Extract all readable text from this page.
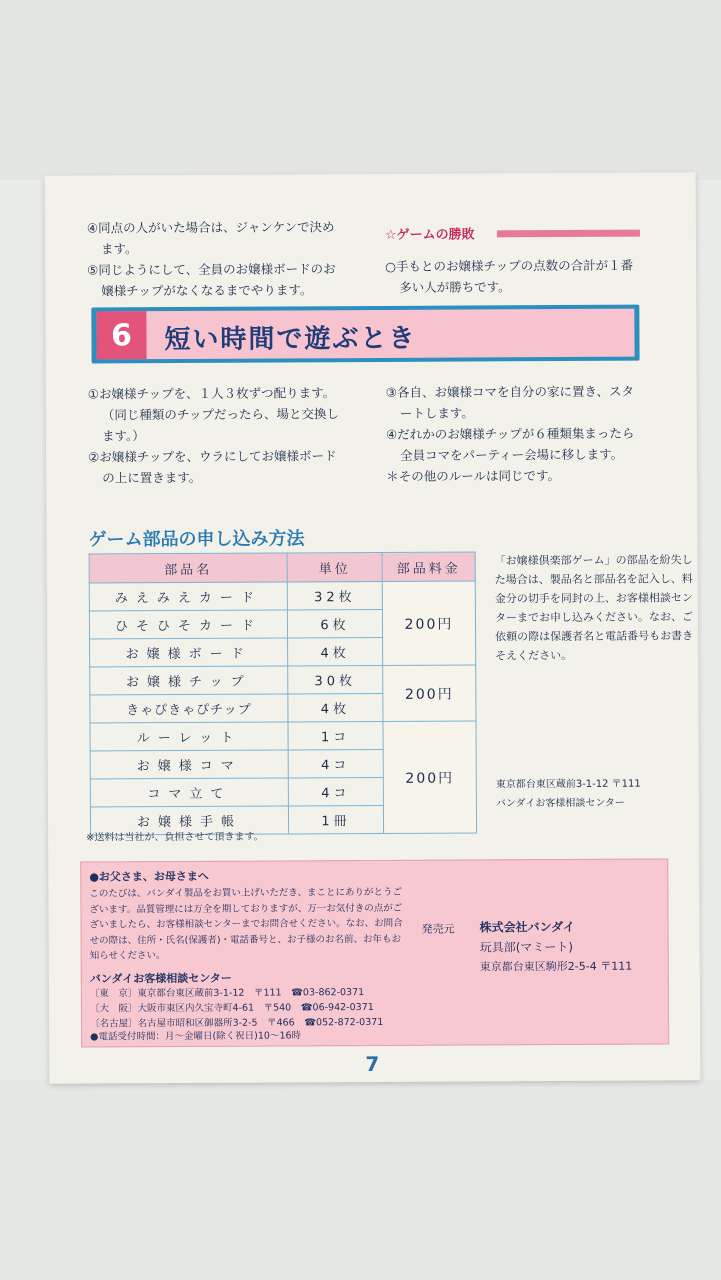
④同点の人がいた場合は、ジャンケンで決め
ます。
⑤同じようにして、全員のお嬢様ボードのお
嬢様チップがなくなるまでやります。
☆ゲームの勝敗
○手もとのお嬢様チップの点数の合計が１番
多い人が勝ちです。
6	短い時間で遊ぶとき
①お嬢様チップを、１人３枚ずつ配ります。
（同じ種類のチップだったら、場と交換し
ます。）
②お嬢様チップを、ウラにしてお嬢様ボード
の上に置きます。
③各自、お嬢様コマを自分の家に置き、スタ
ートします。
④だれかのお嬢様チップが６種類集まったら
全員コマをパーティー会場に移します。
＊その他のルールは同じです。
ゲーム部品の申し込み方法
部品名	単位	部品料金
みえみえカード	32枚	200円
ひそひそカード	6枚	
お嬢様ボード	4枚	
お嬢様チップ	30枚	200円
きゃぴきゃぴチップ	4枚	
ルーレット	1コ	200円
お嬢様コマ	4コ	
コマ立て	4コ	
お嬢様手帳	1冊	
※送料は当社が、負担させて頂きます。
「お嬢様倶楽部ゲーム」の部品を紛失した場合は、製品名と部品名を記入し、料金分の切手を同封の上、お客様相談センターまでお申し込みください。なお、ご依頼の際は保護者名と電話番号もお書きそえください。
東京都台東区蔵前3-1-12 〒111
バンダイお客様相談センター
●お父さま、お母さまへ
このたびは、バンダイ製品をお買い上げいただき、まことにありがとうございます。品質管理には万全を期しておりますが、万一お気付きの点がございましたら、お客様相談センターまでお問合せください。なお、お問合せの際は、住所・氏名(保護者)・電話番号と、お子様のお名前、お年もお知らせください。
バンダイお客様相談センター
〔東　京〕東京都台東区蔵前3-1-12　〒111　☎03-862-0371
〔大　阪〕大阪市東区内久宝寺町4-61　〒540　☎06-942-0371
〔名古屋〕名古屋市昭和区御器所3-2-5　〒466　☎052-872-0371
●電話受付時間：月〜金曜日(除く祝日)10〜16時
発売元 株式会社バンダイ
玩具部(マミート)
東京都台東区駒形2-5-4 〒111
7
